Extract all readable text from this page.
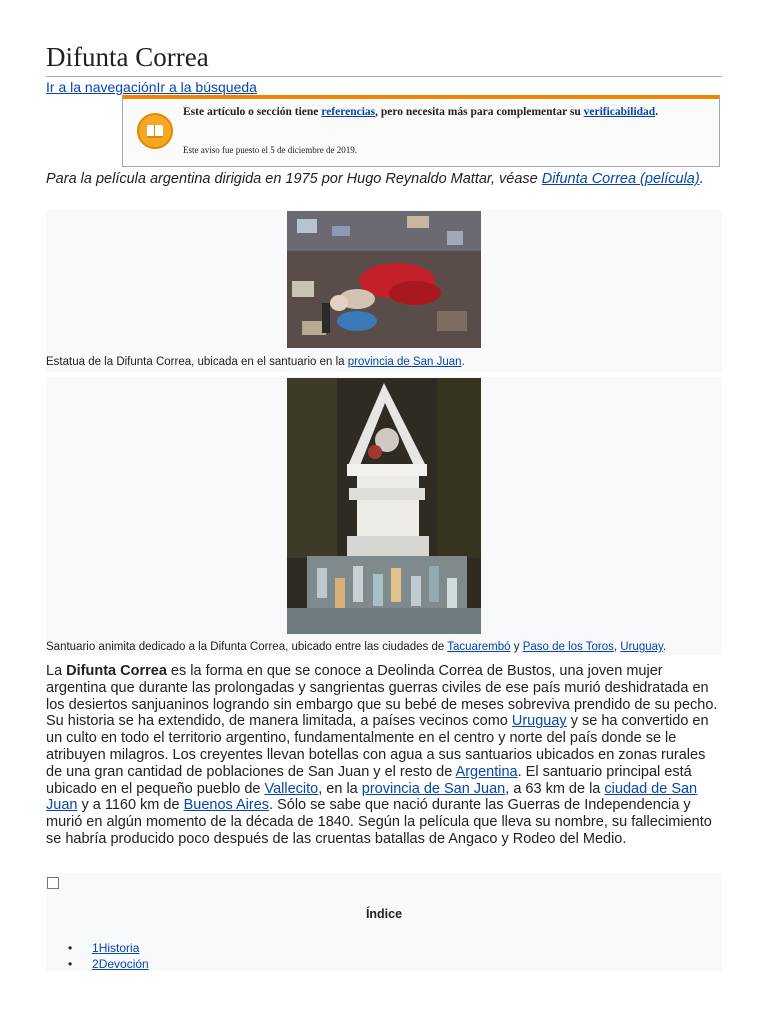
Difunta Correa
Ir a la navegaciónIr a la búsqueda
Este artículo o sección tiene referencias, pero necesita más para complementar su verificabilidad.
Este aviso fue puesto el 5 de diciembre de 2019.
Para la película argentina dirigida en 1975 por Hugo Reynaldo Mattar, véase Difunta Correa (película).
Estatua de la Difunta Correa, ubicada en el santuario en la provincia de San Juan.
Santuario animita dedicado a la Difunta Correa, ubicado entre las ciudades de Tacuarembó y Paso de los Toros, Uruguay.

La Difunta Correa es la forma en que se conoce a Deolinda Correa de Bustos, una joven mujer argentina que durante las prolongadas y sangrientas guerras civiles de ese país murió deshidratada en los desiertos sanjuaninos logrando sin embargo que su bebé de meses sobreviva prendido de su pecho. Su historia se ha extendido, de manera limitada, a países vecinos como Uruguay y se ha convertido en un culto en todo el territorio argentino, fundamentalmente en el centro y norte del país donde se le atribuyen milagros. Los creyentes llevan botellas con agua a sus santuarios ubicados en zonas rurales de una gran cantidad de poblaciones de San Juan y el resto de Argentina. El santuario principal está ubicado en el pequeño pueblo de Vallecito, en la provincia de San Juan, a 63 km de la ciudad de San Juan y a 1160 km de Buenos Aires. Sólo se sabe que nació durante las Guerras de Independencia y murió en algún momento de la década de 1840. Según la película que lleva su nombre, su fallecimiento se habría producido poco después de las cruentas batallas de Angaco y Rodeo del Medio.

Índice
• 1Historia
• 2Devoción
